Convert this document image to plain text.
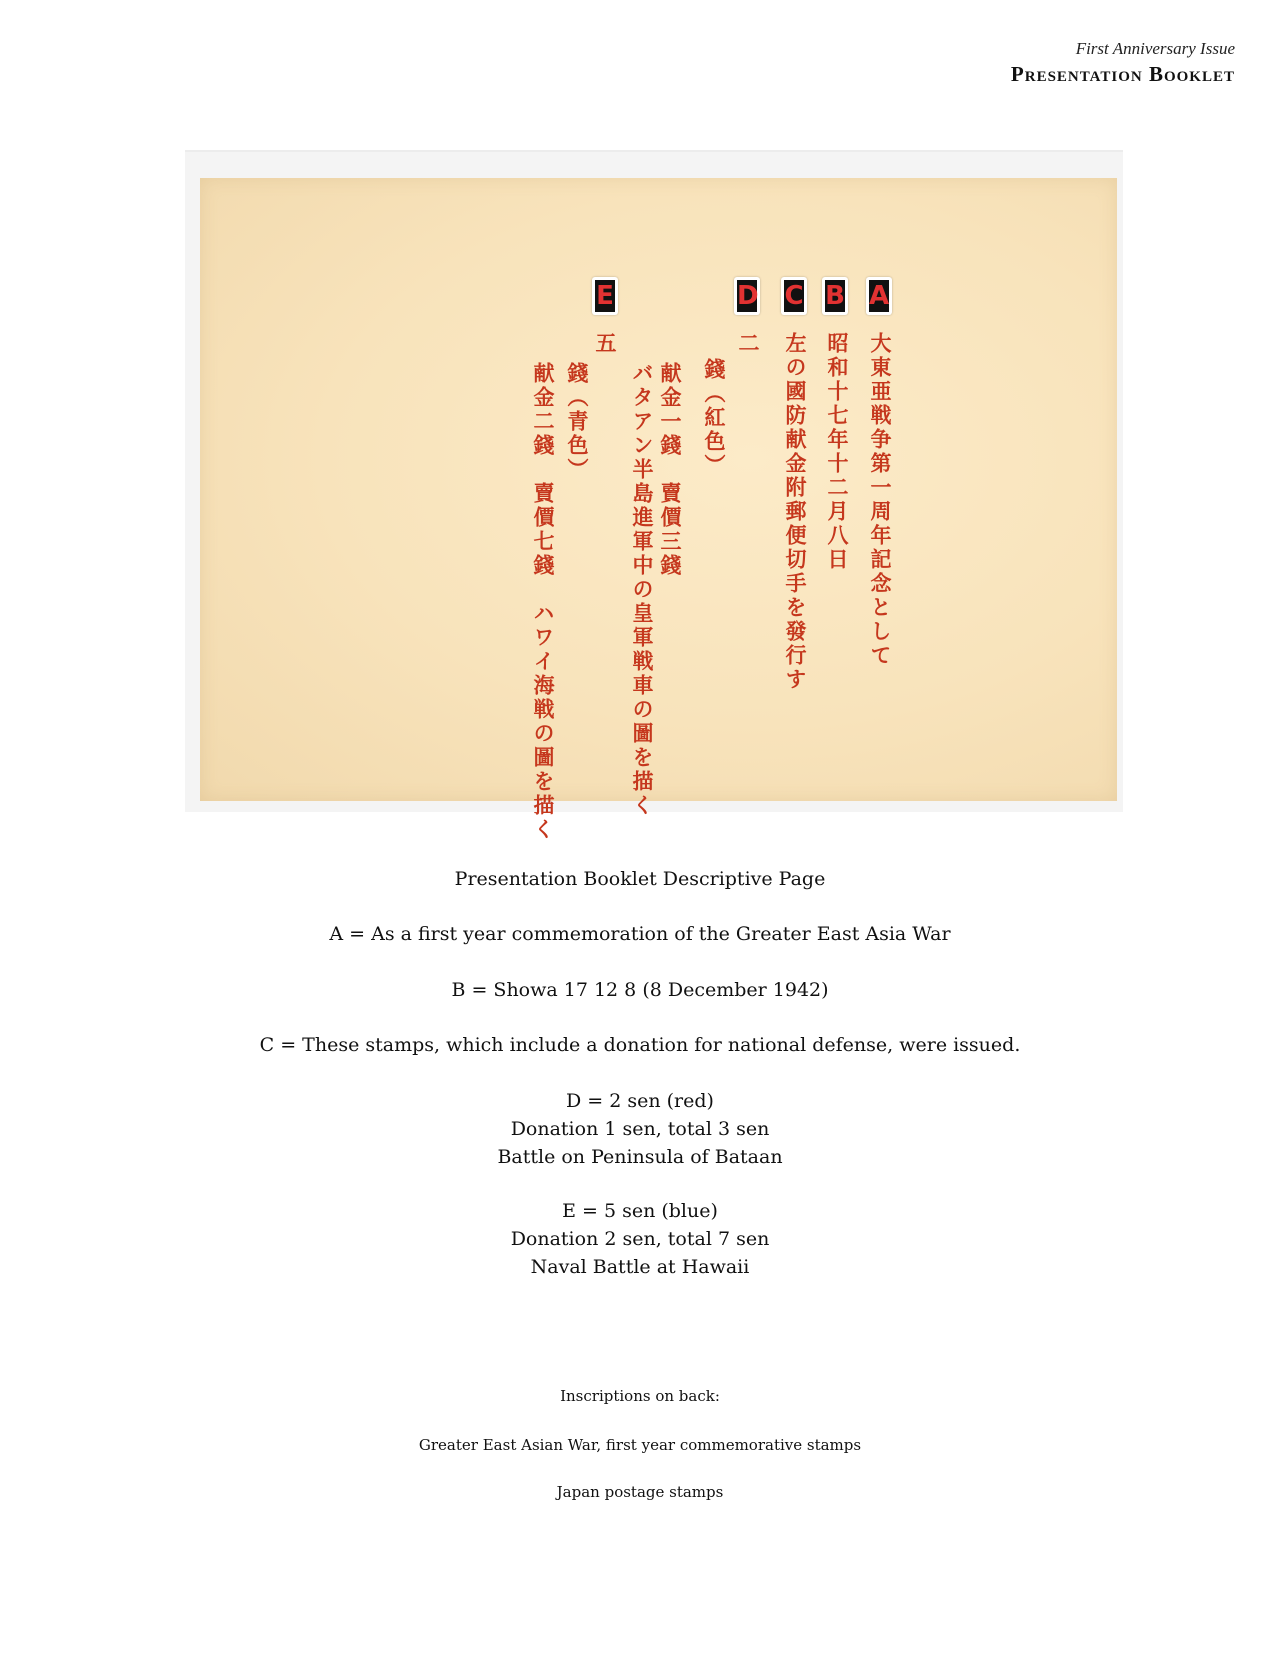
First Anniversary Issue
Presentation Booklet
A
B
C
D
E
大東亜戦争第一周年記念として
昭和十七年十二月八日
左の國防献金附郵便切手を發行す
二
錢（紅色）
献金一錢　賣價三錢
バタアン半島進軍中の皇軍戦車の圖を描く
五
錢（青色）
献金二錢　賣價七錢　ハワイ海戦の圖を描く
Presentation Booklet Descriptive Page
A = As a first year commemoration of the Greater East Asia War
B = Showa 17 12 8 (8 December 1942)
C = These stamps, which include a donation for national defense, were issued.
D = 2 sen (red)
Donation 1 sen, total 3 sen
Battle on Peninsula of Bataan
E = 5 sen (blue)
Donation 2 sen, total 7 sen
Naval Battle at Hawaii
Inscriptions on back:
Greater East Asian War, first year commemorative stamps
Japan postage stamps
